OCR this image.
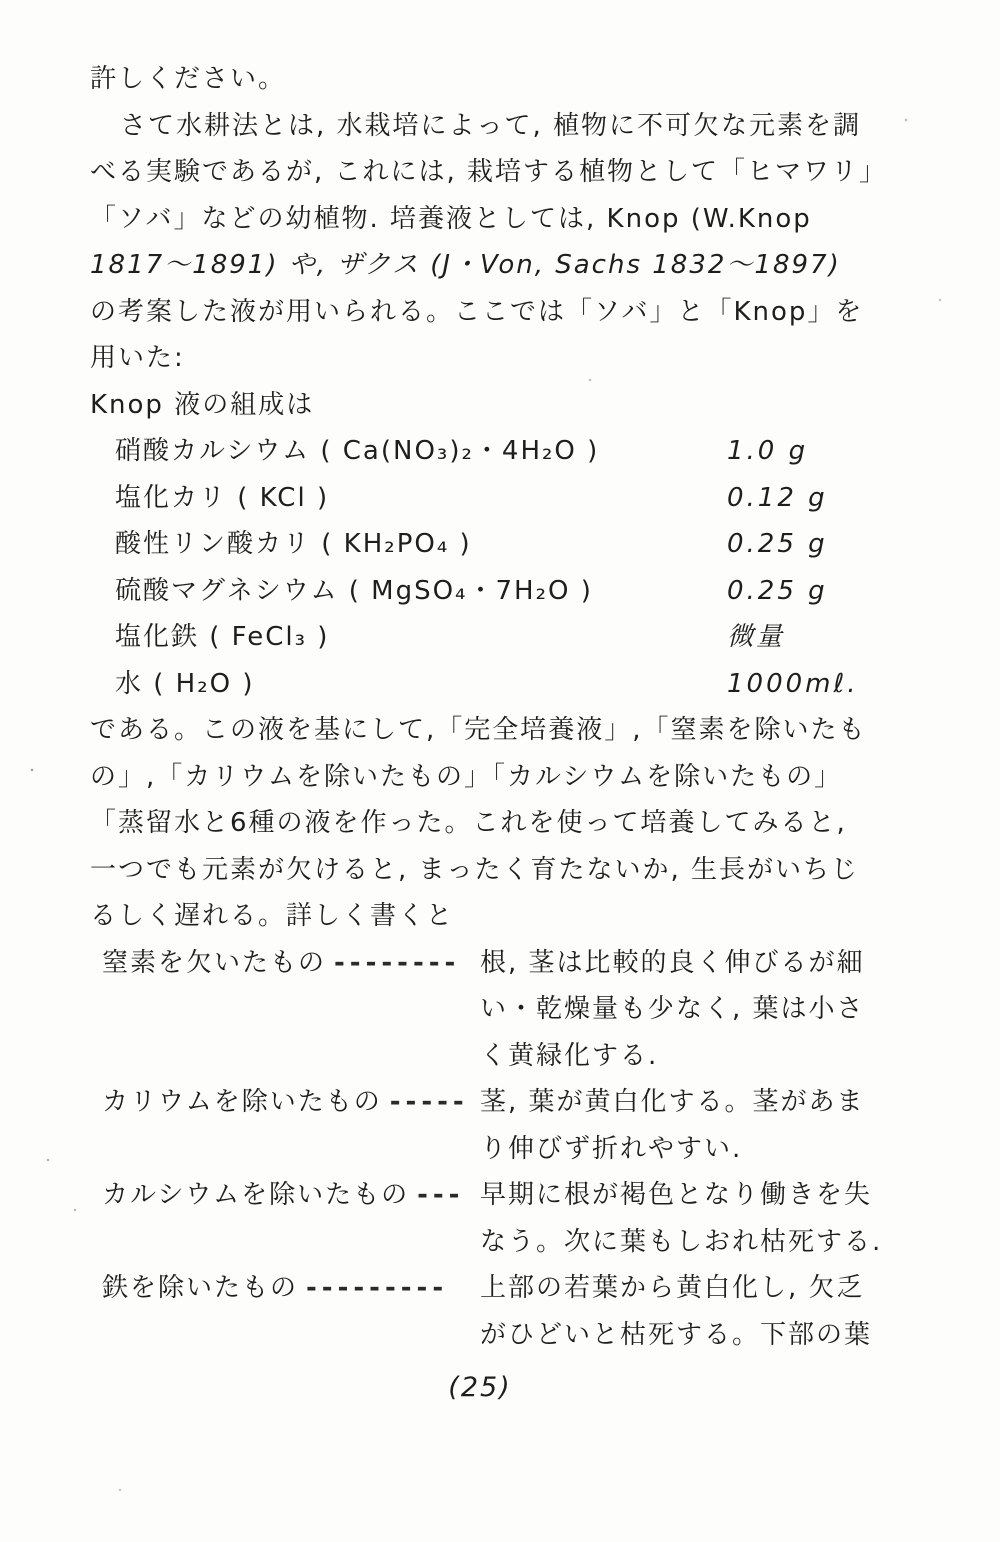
許しください。
さて水耕法とは, 水栽培によって, 植物に不可欠な元素を調
べる実験であるが, これには, 栽培する植物として「ヒマワリ」
「ソバ」などの幼植物. 培養液としては, Knop (W.Knop
1817〜1891) や, ザクス (J・Von, Sachs 1832〜1897)
の考案した液が用いられる。ここでは「ソバ」と「Knop」を
用いた:
Knop 液の組成は
硝酸カルシウム ( Ca(NO₃)₂・4H₂O )	1.0 g
塩化カリ ( KCl )	0.12 g
酸性リン酸カリ ( KH₂PO₄ )	0.25 g
硫酸マグネシウム ( MgSO₄・7H₂O )	0.25 g
塩化鉄 ( FeCl₃ )	微量
水 ( H₂O )	1000mℓ.
である。この液を基にして,「完全培養液」,「窒素を除いたも
の」,「カリウムを除いたもの」「カルシウムを除いたもの」
「蒸留水と6種の液を作った。これを使って培養してみると,
一つでも元素が欠けると, まったく育たないか, 生長がいちじ
るしく遅れる。詳しく書くと
窒素を欠いたもの -------- 根, 茎は比較的良く伸びるが細
い・乾燥量も少なく, 葉は小さ
く黄緑化する.
カリウムを除いたもの ----- 茎, 葉が黄白化する。茎があま
り伸びず折れやすい.
カルシウムを除いたもの --- 早期に根が褐色となり働きを失
なう。次に葉もしおれ枯死する.
鉄を除いたもの --------- 上部の若葉から黄白化し, 欠乏
がひどいと枯死する。下部の葉
(25)
